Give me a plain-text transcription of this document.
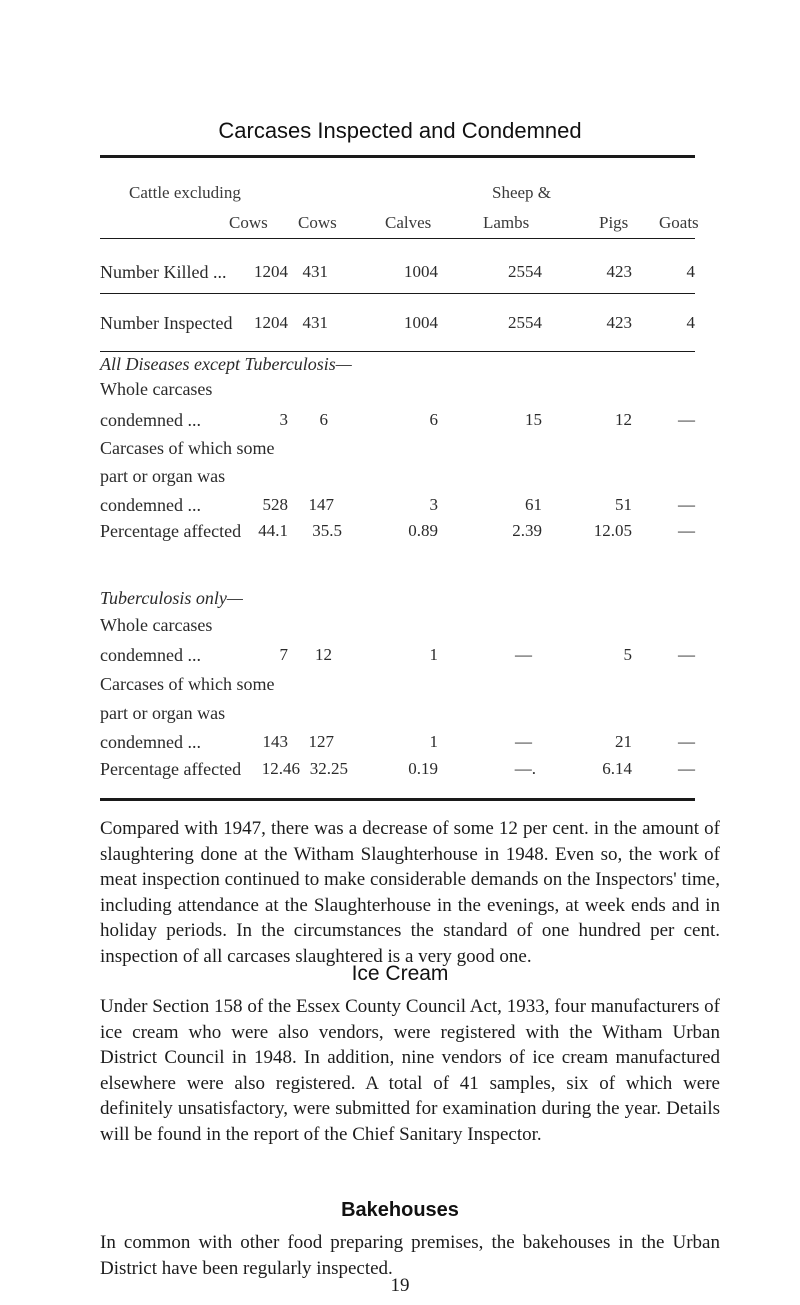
Carcases Inspected and Condemned
Cattle excluding	Sheep &
Cows Cows	Calves	Lambs	Pigs Goats
Number Killed ...	1204 431	1004	2554	423	4
Number Inspected	1204 431	1004	2554	423	4
All Diseases except Tuberculosis—
Whole carcases
condemned ...	3	6	6	15	12	—
Carcases of which some
part or organ was
condemned ...	528	147	3	61	51	—
Percentage affected	44.1	35.5	0.89	2.39	12.05	—
Tuberculosis only—
Whole carcases
condemned ...	7	12	1	—	5	—
Carcases of which some
part or organ was
condemned ...	143	127	1	—	21	—
Percentage affected	12.46 32.25	0.19	—.	6.14	—

Compared with 1947, there was a decrease of some 12 per cent. in the amount of slaughtering done at the Witham Slaughterhouse in 1948. Even so, the work of meat inspection continued to make considerable demands on the Inspectors' time, including attendance at the Slaughterhouse in the evenings, at week ends and in holiday periods. In the circumstances the standard of one hundred per cent. inspection of all carcases slaughtered is a very good one.

Ice Cream

Under Section 158 of the Essex County Council Act, 1933, four manufacturers of ice cream who were also vendors, were registered with the Witham Urban District Council in 1948. In addition, nine vendors of ice cream manufactured elsewhere were also registered. A total of 41 samples, six of which were definitely unsatisfactory, were submitted for examination during the year. Details will be found in the report of the Chief Sanitary Inspector.

Bakehouses

In common with other food preparing premises, the bakehouses in the Urban District have been regularly inspected.

19
